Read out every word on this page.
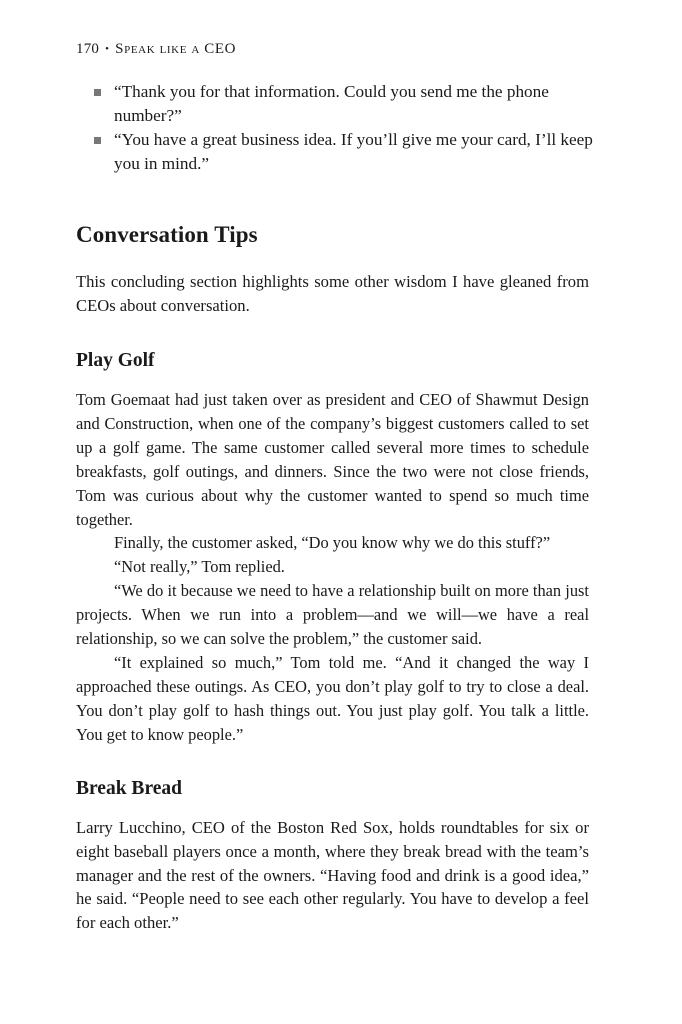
170 • Speak like a CEO
“Thank you for that information. Could you send me the phone number?”
“You have a great business idea. If you’ll give me your card, I’ll keep you in mind.”
Conversation Tips

This concluding section highlights some other wisdom I have gleaned from CEOs about conversation.

Play Golf

Tom Goemaat had just taken over as president and CEO of Shawmut Design and Construction, when one of the company’s biggest customers called to set up a golf game. The same customer called several more times to schedule breakfasts, golf outings, and dinners. Since the two were not close friends, Tom was curious about why the customer wanted to spend so much time together.

Finally, the customer asked, “Do you know why we do this stuff?”

“Not really,” Tom replied.

“We do it because we need to have a relationship built on more than just projects. When we run into a problem—and we will—we have a real relationship, so we can solve the problem,” the customer said.

“It explained so much,” Tom told me. “And it changed the way I approached these outings. As CEO, you don’t play golf to try to close a deal. You don’t play golf to hash things out. You just play golf. You talk a little. You get to know people.”

Break Bread

Larry Lucchino, CEO of the Boston Red Sox, holds roundtables for six or eight baseball players once a month, where they break bread with the team’s manager and the rest of the owners. “Having food and drink is a good idea,” he said. “People need to see each other regularly. You have to develop a feel for each other.”
